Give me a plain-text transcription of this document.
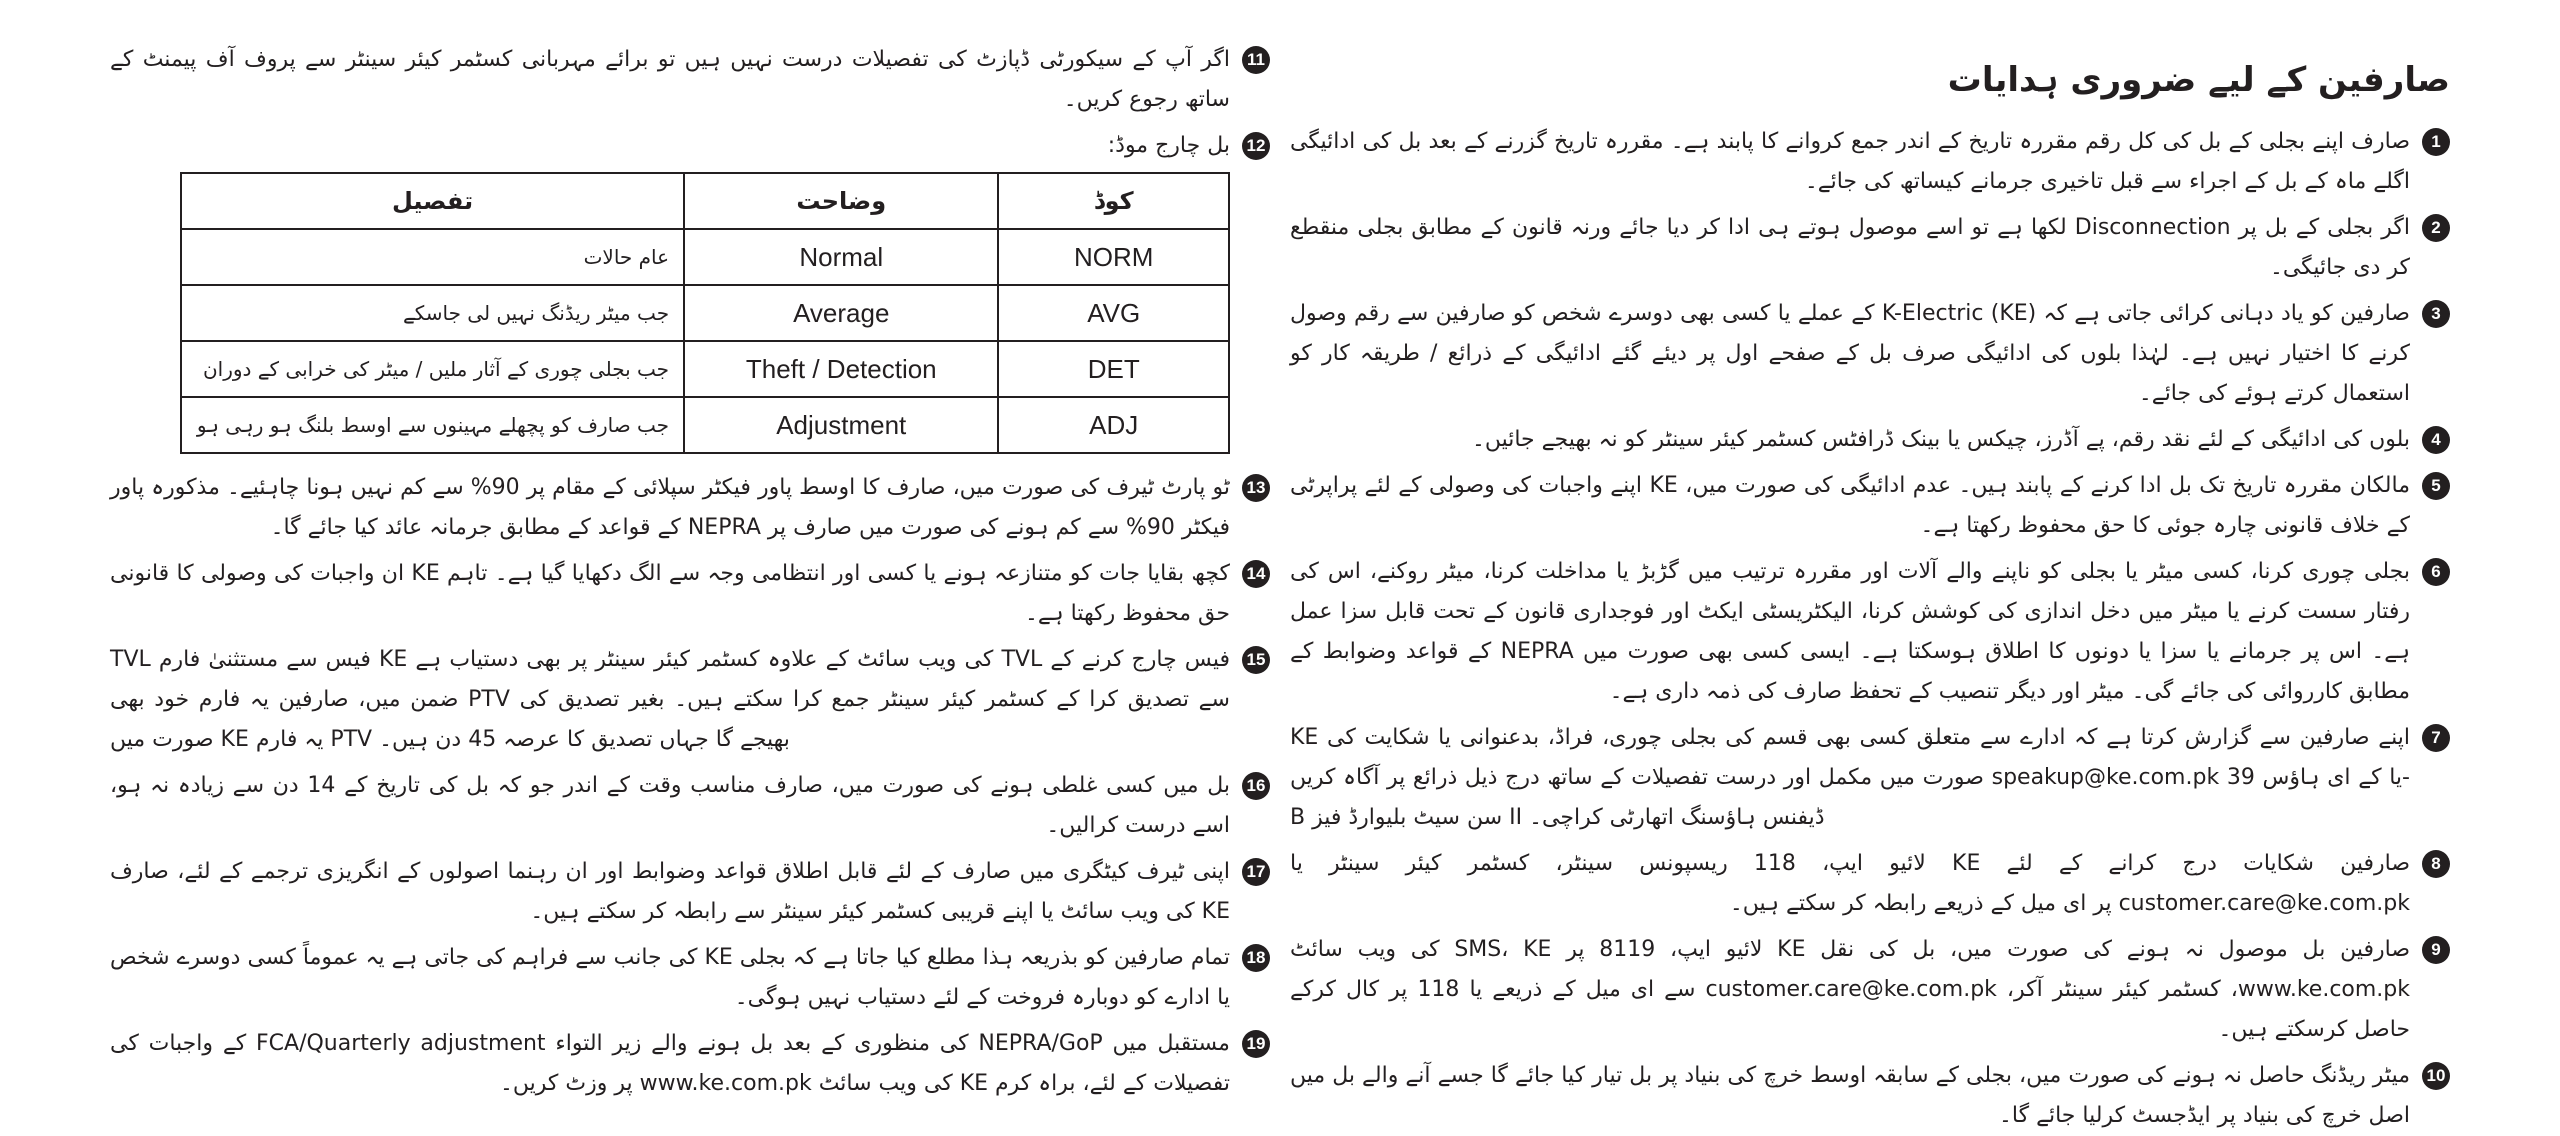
صارفین کے لیے ضروری ہدایات
1
صارف اپنے بجلی کے بل کی کل رقم مقررہ تاریخ کے اندر جمع کروانے کا پابند ہے۔ مقررہ تاریخ گزرنے کے بعد بل کی ادائیگی اگلے ماہ کے بل کے اجراء سے قبل تاخیری جرمانے کیساتھ کی جائے۔
2
اگر بجلی کے بل پر Disconnection لکھا ہے تو اسے موصول ہوتے ہی ادا کر دیا جائے ورنہ قانون کے مطابق بجلی منقطع کر دی جائیگی۔
3
صارفین کو یاد دہانی کرائی جاتی ہے کہ K-Electric (KE) کے عملے یا کسی بھی دوسرے شخص کو صارفین سے رقم وصول کرنے کا اختیار نہیں ہے۔ لہٰذا بلوں کی ادائیگی صرف بل کے صفحے اول پر دیئے گئے ادائیگی کے ذرائع / طریقہ کار کو استعمال کرتے ہوئے کی جائے۔
4
بلوں کی ادائیگی کے لئے نقد رقم، پے آڈرز، چیکس یا بینک ڈرافٹس کسٹمر کیئر سینٹر کو نہ بھیجے جائیں۔
5
مالکان مقررہ تاریخ تک بل ادا کرنے کے پابند ہیں۔ عدم ادائیگی کی صورت میں، KE اپنے واجبات کی وصولی کے لئے پراپرٹی کے خلاف قانونی چارہ جوئی کا حق محفوظ رکھتا ہے۔
6
بجلی چوری کرنا، کسی میٹر یا بجلی کو ناپنے والے آلات اور مقررہ ترتیب میں گڑبڑ یا مداخلت کرنا، میٹر روکنے، اس کی رفتار سست کرنے یا میٹر میں دخل اندازی کی کوشش کرنا، الیکٹریسٹی ایکٹ اور فوجداری قانون کے تحت قابل سزا عمل ہے۔ اس پر جرمانے یا سزا یا دونوں کا اطلاق ہوسکتا ہے۔ ایسی کسی بھی صورت میں NEPRA کے قواعد وضوابط کے مطابق کارروائی کی جائے گی۔ میٹر اور دیگر تنصیب کے تحفظ صارف کی ذمہ داری ہے۔
7
KE اپنے صارفین سے گزارش کرتا ہے کہ ادارے سے متعلق کسی بھی قسم کی بجلی چوری، فراڈ، بدعنوانی یا شکایت کی صورت میں مکمل اور درست تفصیلات کے ساتھ درج ذیل ذرائع پر آگاہ کریں speakup@ke.com.pk یا کے ای ہاؤس 39-B سن سیٹ بلیوارڈ فیز II ڈیفنس ہاؤسنگ اتھارٹی کراچی۔
8
صارفین شکایات درج کرانے کے لئے KE لائیو ایپ، 118 ریسپونس سینٹر، کسٹمر کیئر سینٹر یا customer.care@ke.com.pk پر ای میل کے ذریعے رابطہ کر سکتے ہیں۔
9
صارفین بل موصول نہ ہونے کی صورت میں، بل کی نقل KE لائیو ایپ، 8119 پر SMS، KE کی ویب سائٹ www.ke.com.pk، کسٹمر کیئر سینٹر آکر، customer.care@ke.com.pk سے ای میل کے ذریعے یا 118 پر کال کرکے حاصل کرسکتے ہیں۔
10
میٹر ریڈنگ حاصل نہ ہونے کی صورت میں، بجلی کے سابقہ اوسط خرچ کی بنیاد پر بل تیار کیا جائے گا جسے آنے والے بل میں اصل خرچ کی بنیاد پر ایڈجسٹ کرلیا جائے گا۔
11
اگر آپ کے سیکورٹی ڈپازٹ کی تفصیلات درست نہیں ہیں تو برائے مہربانی کسٹمر کیئر سینٹر سے پروف آف پیمنٹ کے ساتھ رجوع کریں۔
12
بل چارج موڈ:
کوڈ	وضاحت	تفصیل
NORM	Normal	عام حالات
AVG	Average	جب میٹر ریڈنگ نہیں لی جاسکے
DET	Theft / Detection	جب بجلی چوری کے آثار ملیں / میٹر کی خرابی کے دوران
ADJ	Adjustment	جب صارف کو پچھلے مہینوں سے اوسط بلنگ ہو رہی ہو
13
ٹو پارٹ ٹیرف کی صورت میں، صارف کا اوسط پاور فیکٹر سپلائی کے مقام پر 90% سے کم نہیں ہونا چاہئیے۔ مذکورہ پاور فیکٹر 90% سے کم ہونے کی صورت میں صارف پر NEPRA کے قواعد کے مطابق جرمانہ عائد کیا جائے گا۔
14
کچھ بقایا جات کو متنازعہ ہونے یا کسی اور انتظامی وجہ سے الگ دکھایا گیا ہے۔ تاہم KE ان واجبات کی وصولی کا قانونی حق محفوظ رکھتا ہے۔
15
TVL فیس سے مستثنیٰ فارم KE کی ویب سائٹ کے علاوہ کسٹمر کیئر سینٹر پر بھی دستیاب ہے TVL فیس چارج کرنے کے ضمن میں، صارفین یہ فارم خود بھی PTV سے تصدیق کرا کے کسٹمر کیئر سینٹر جمع کرا سکتے ہیں۔ بغیر تصدیق کی صورت میں KE یہ فارم PTV بھیجے گا جہاں تصدیق کا عرصہ 45 دن ہیں۔
16
بل میں کسی غلطی ہونے کی صورت میں، صارف مناسب وقت کے اندر جو کہ بل کی تاریخ کے 14 دن سے زیادہ نہ ہو، اسے درست کرالیں۔
17
اپنی ٹیرف کیٹگری میں صارف کے لئے قابل اطلاق قواعد وضوابط اور ان رہنما اصولوں کے انگریزی ترجمے کے لئے، صارف KE کی ویب سائٹ یا اپنے قریبی کسٹمر کیئر سینٹر سے رابطہ کر سکتے ہیں۔
18
تمام صارفین کو بذریعہ ہذا مطلع کیا جاتا ہے کہ بجلی KE کی جانب سے فراہم کی جاتی ہے یہ عموماً کسی دوسرے شخص یا ادارے کو دوبارہ فروخت کے لئے دستیاب نہیں ہوگی۔
19
مستقبل میں NEPRA/GoP کی منظوری کے بعد بل ہونے والے زیر التواء FCA/Quarterly adjustment کے واجبات کی تفصیلات کے لئے، براہ کرم KE کی ویب سائٹ www.ke.com.pk پر وزٹ کریں۔
